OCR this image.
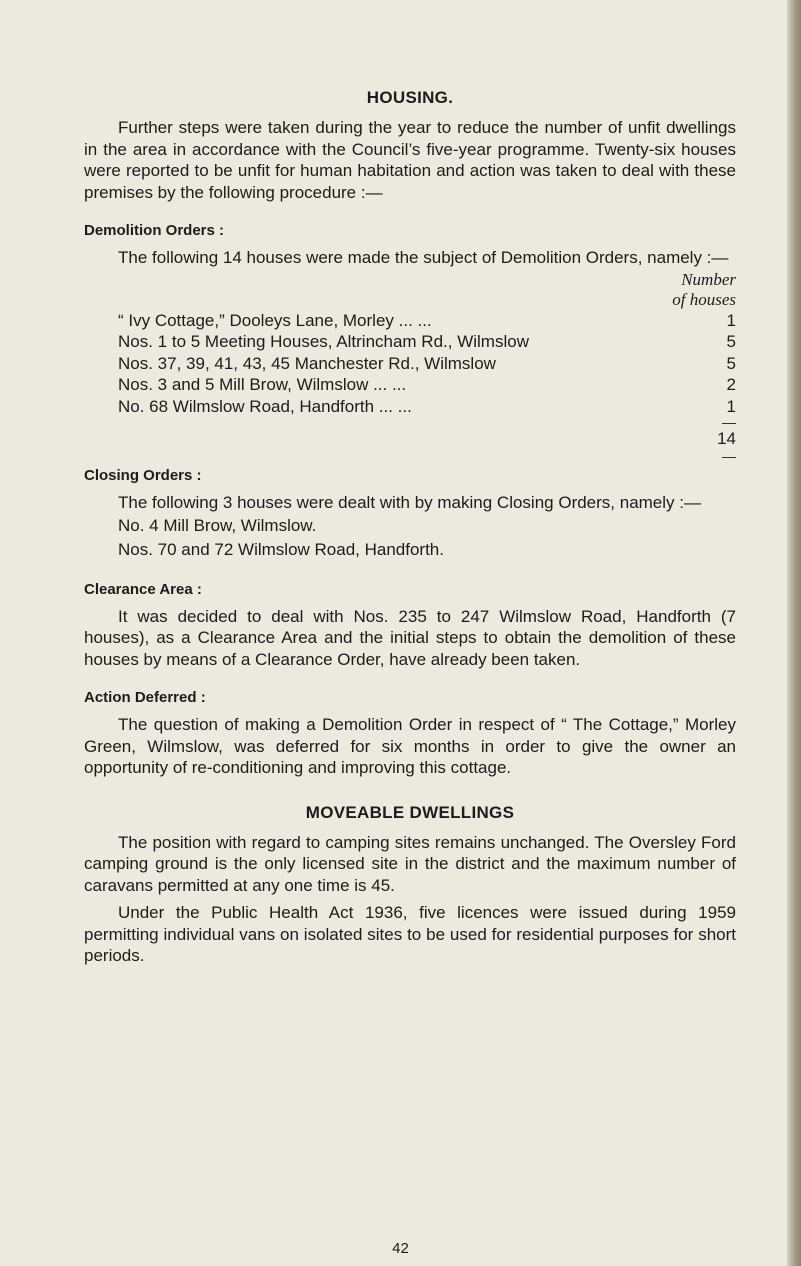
HOUSING.

Further steps were taken during the year to reduce the number of unfit dwellings in the area in accordance with the Council’s five-year programme. Twenty-six houses were reported to be unfit for human habitation and action was taken to deal with these premises by the following procedure :—

Demolition Orders :

The following 14 houses were made the subject of Demolition Orders, namely :—

Number
of houses
“ Ivy Cottage,” Dooleys Lane, Morley ... ...	1
Nos. 1 to 5 Meeting Houses, Altrincham Rd., Wilmslow	5
Nos. 37, 39, 41, 43, 45 Manchester Rd., Wilmslow	5
Nos. 3 and 5 Mill Brow, Wilmslow ... ...	2
No. 68 Wilmslow Road, Handforth ... ...	1
14
Closing Orders :

The following 3 houses were dealt with by making Closing Orders, namely :—

No. 4 Mill Brow, Wilmslow.
Nos. 70 and 72 Wilmslow Road, Handforth.
Clearance Area :

It was decided to deal with Nos. 235 to 247 Wilmslow Road, Handforth (7 houses), as a Clearance Area and the initial steps to obtain the demolition of these houses by means of a Clearance Order, have already been taken.

Action Deferred :

The question of making a Demolition Order in respect of “ The Cottage,” Morley Green, Wilmslow, was deferred for six months in order to give the owner an opportunity of re-conditioning and improving this cottage.

MOVEABLE DWELLINGS

The position with regard to camping sites remains unchanged. The Oversley Ford camping ground is the only licensed site in the district and the maximum number of caravans permitted at any one time is 45.

Under the Public Health Act 1936, five licences were issued during 1959 permitting individual vans on isolated sites to be used for residential purposes for short periods.

42
